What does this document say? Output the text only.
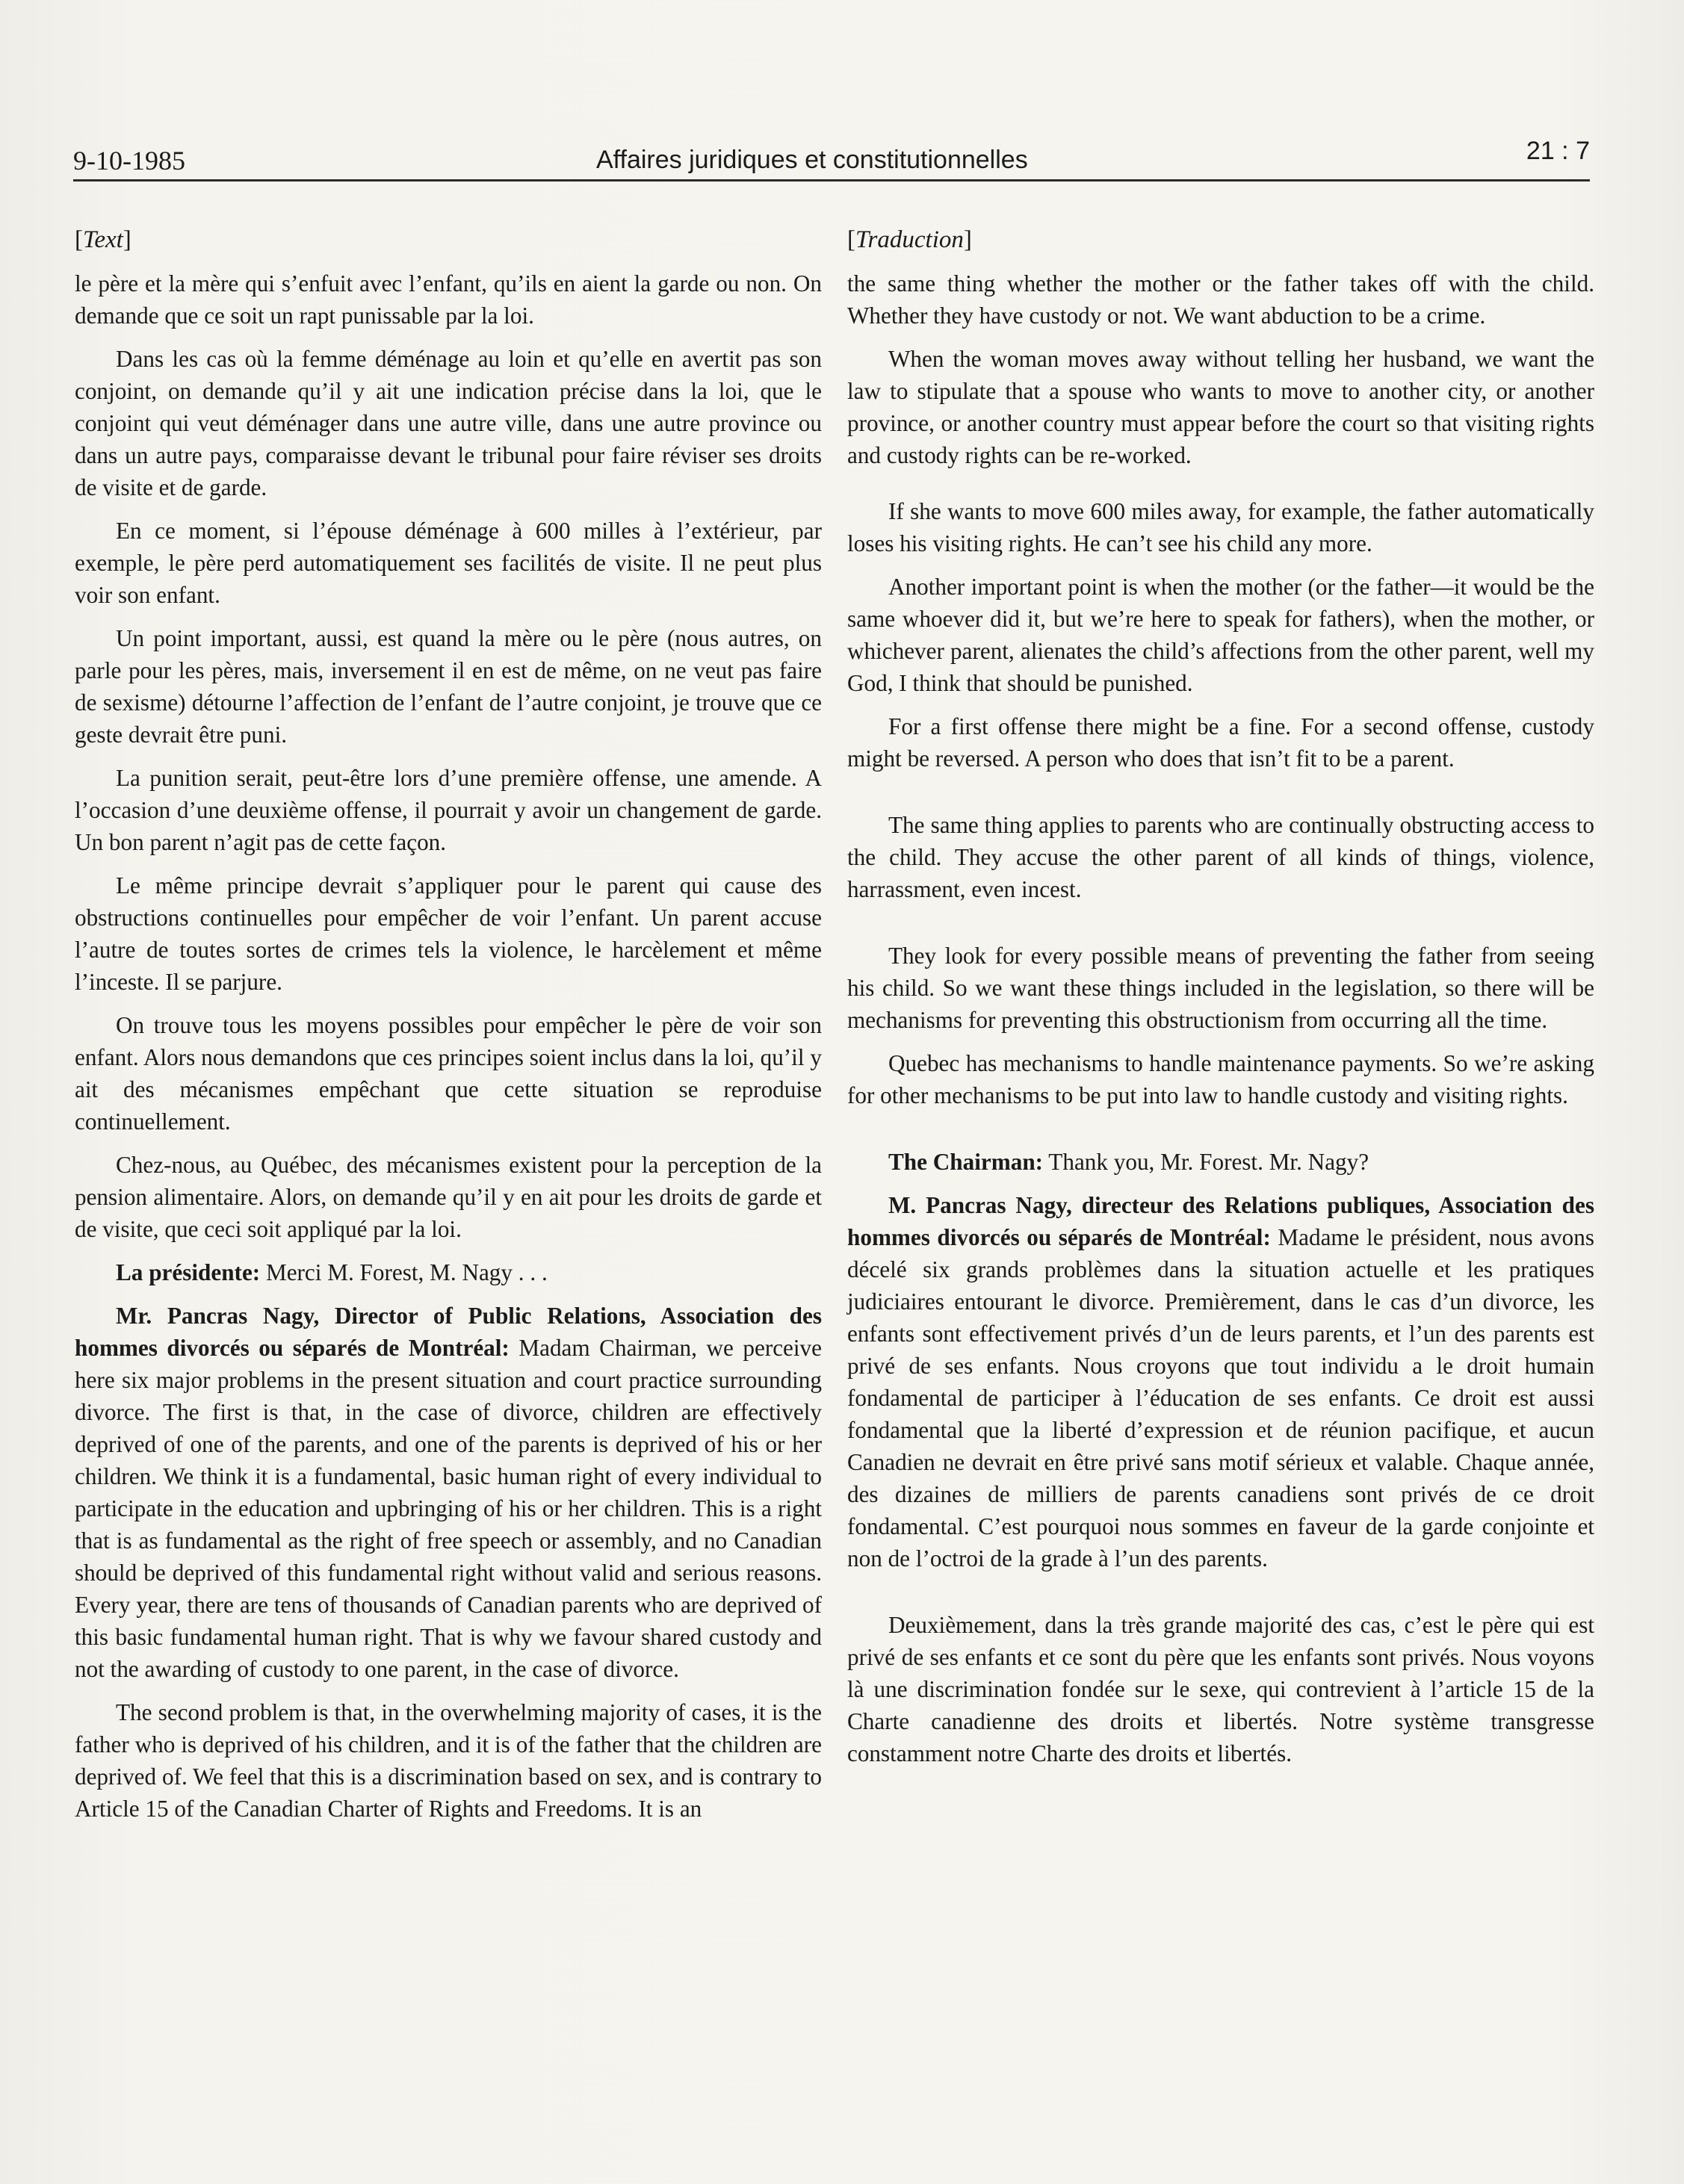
9-10-1985	Affaires juridiques et constitutionnelles	21 : 7

[Text]

le père et la mère qui s’enfuit avec l’enfant, qu’ils en aient la garde ou non. On demande que ce soit un rapt punissable par la loi.

Dans les cas où la femme déménage au loin et qu’elle en avertit pas son conjoint, on demande qu’il y ait une indication précise dans la loi, que le conjoint qui veut déménager dans une autre ville, dans une autre province ou dans un autre pays, comparaisse devant le tribunal pour faire réviser ses droits de visite et de garde.

En ce moment, si l’épouse déménage à 600 milles à l’extérieur, par exemple, le père perd automatiquement ses facilités de visite. Il ne peut plus voir son enfant.

Un point important, aussi, est quand la mère ou le père (nous autres, on parle pour les pères, mais, inversement il en est de même, on ne veut pas faire de sexisme) détourne l’affection de l’enfant de l’autre conjoint, je trouve que ce geste devrait être puni.

La punition serait, peut-être lors d’une première offense, une amende. A l’occasion d’une deuxième offense, il pourrait y avoir un changement de garde. Un bon parent n’agit pas de cette façon.

Le même principe devrait s’appliquer pour le parent qui cause des obstructions continuelles pour empêcher de voir l’enfant. Un parent accuse l’autre de toutes sortes de crimes tels la violence, le harcèlement et même l’inceste. Il se parjure.

On trouve tous les moyens possibles pour empêcher le père de voir son enfant. Alors nous demandons que ces principes soient inclus dans la loi, qu’il y ait des mécanismes empêchant que cette situation se reproduise continuellement.

Chez-nous, au Québec, des mécanismes existent pour la perception de la pension alimentaire. Alors, on demande qu’il y en ait pour les droits de garde et de visite, que ceci soit appliqué par la loi.

La présidente: Merci M. Forest, M. Nagy . . .

Mr. Pancras Nagy, Director of Public Relations, Association des hommes divorcés ou séparés de Montréal: Madam Chairman, we perceive here six major problems in the present situation and court practice surrounding divorce. The first is that, in the case of divorce, children are effectively deprived of one of the parents, and one of the parents is deprived of his or her children. We think it is a fundamental, basic human right of every individual to participate in the education and upbringing of his or her children. This is a right that is as fundamental as the right of free speech or assembly, and no Canadian should be deprived of this fundamental right without valid and serious reasons. Every year, there are tens of thousands of Canadian parents who are deprived of this basic fundamental human right. That is why we favour shared custody and not the awarding of custody to one parent, in the case of divorce.

The second problem is that, in the overwhelming majority of cases, it is the father who is deprived of his children, and it is of the father that the children are deprived of. We feel that this is a discrimination based on sex, and is contrary to Article 15 of the Canadian Charter of Rights and Freedoms. It is an

[Traduction]

the same thing whether the mother or the father takes off with the child. Whether they have custody or not. We want abduction to be a crime.

When the woman moves away without telling her husband, we want the law to stipulate that a spouse who wants to move to another city, or another province, or another country must appear before the court so that visiting rights and custody rights can be re-worked.

If she wants to move 600 miles away, for example, the father automatically loses his visiting rights. He can’t see his child any more.

Another important point is when the mother (or the father—it would be the same whoever did it, but we’re here to speak for fathers), when the mother, or whichever parent, alienates the child’s affections from the other parent, well my God, I think that should be punished.

For a first offense there might be a fine. For a second offense, custody might be reversed. A person who does that isn’t fit to be a parent.

The same thing applies to parents who are continually obstructing access to the child. They accuse the other parent of all kinds of things, violence, harrassment, even incest.

They look for every possible means of preventing the father from seeing his child. So we want these things included in the legislation, so there will be mechanisms for preventing this obstructionism from occurring all the time.

Quebec has mechanisms to handle maintenance payments. So we’re asking for other mechanisms to be put into law to handle custody and visiting rights.

The Chairman: Thank you, Mr. Forest. Mr. Nagy?

M. Pancras Nagy, directeur des Relations publiques, Association des hommes divorcés ou séparés de Montréal: Madame le président, nous avons décelé six grands problèmes dans la situation actuelle et les pratiques judiciaires entourant le divorce. Premièrement, dans le cas d’un divorce, les enfants sont effectivement privés d’un de leurs parents, et l’un des parents est privé de ses enfants. Nous croyons que tout individu a le droit humain fondamental de participer à l’éducation de ses enfants. Ce droit est aussi fondamental que la liberté d’expression et de réunion pacifique, et aucun Canadien ne devrait en être privé sans motif sérieux et valable. Chaque année, des dizaines de milliers de parents canadiens sont privés de ce droit fondamental. C’est pourquoi nous sommes en faveur de la garde conjointe et non de l’octroi de la grade à l’un des parents.

Deuxièmement, dans la très grande majorité des cas, c’est le père qui est privé de ses enfants et ce sont du père que les enfants sont privés. Nous voyons là une discrimination fondée sur le sexe, qui contrevient à l’article 15 de la Charte canadienne des droits et libertés. Notre système transgresse constamment notre Charte des droits et libertés.
